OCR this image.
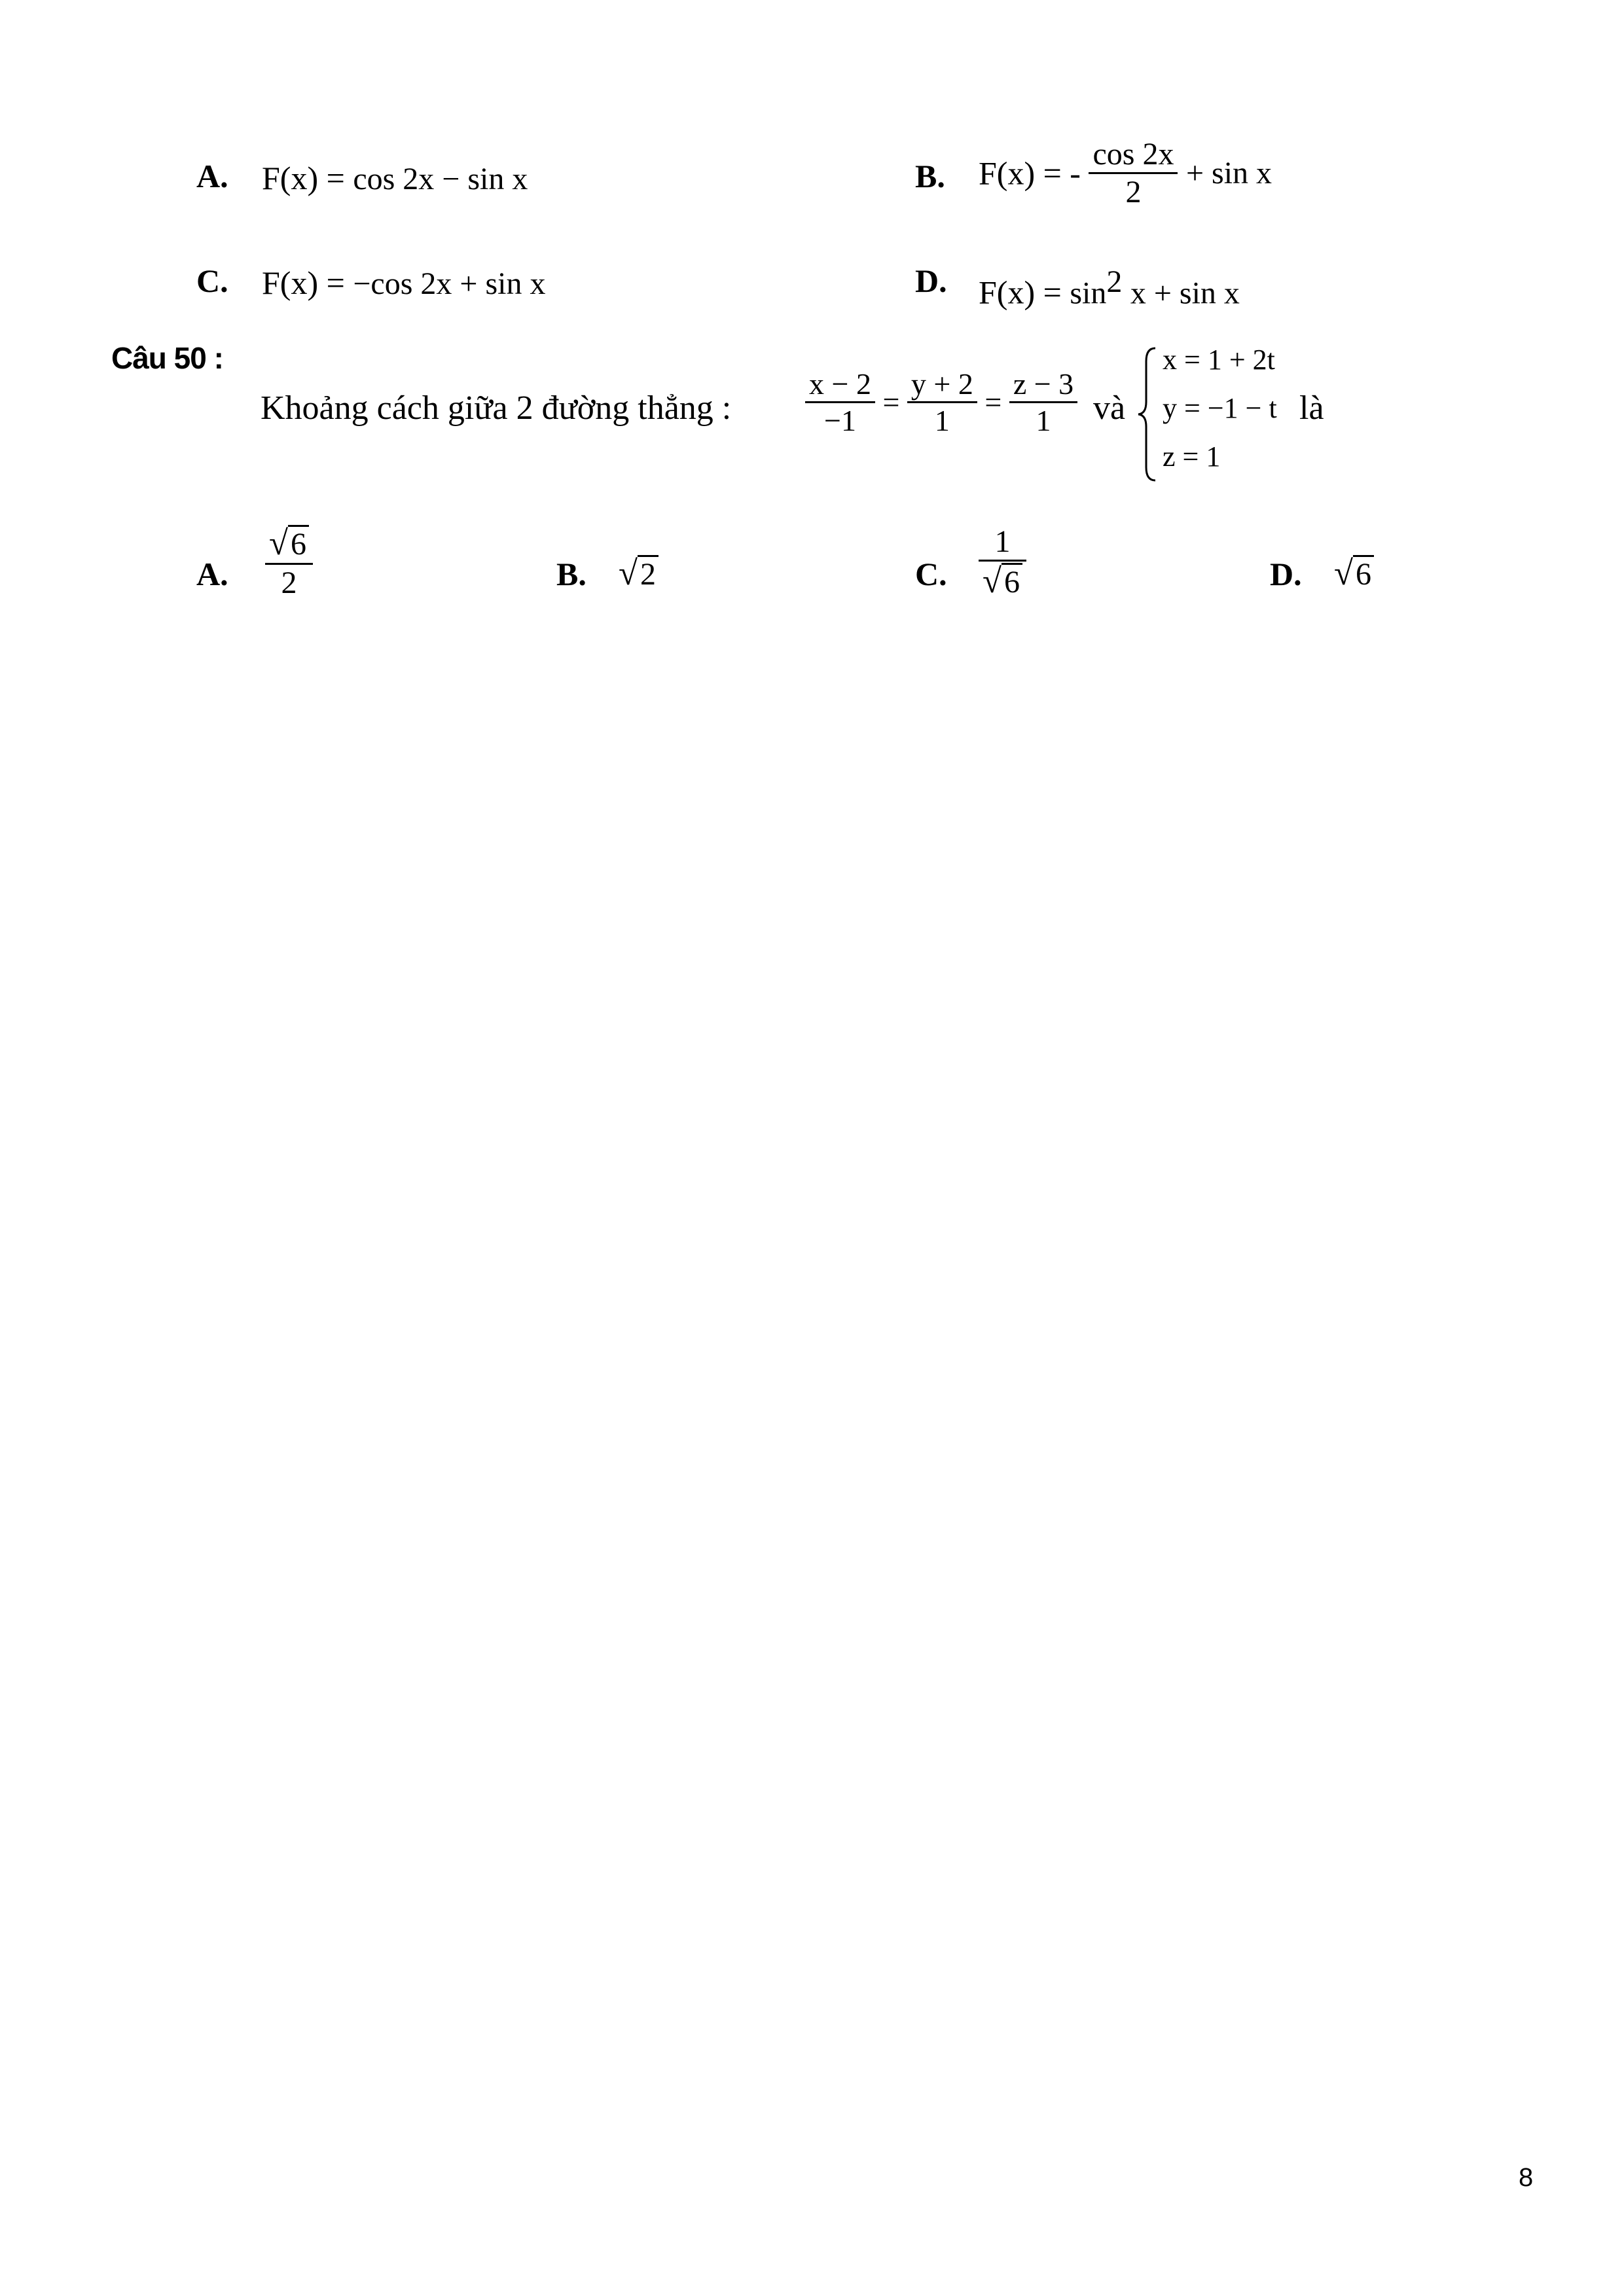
A. F(x) = cos 2x − sin x	B. F(x) = - $\frac{\cos 2x}{2} + \sin x$
C. F(x) = −cos 2x + sin x	D. $F(x) = \sin^2 x + \sin x$
Câu 50 :
Khoảng cách giữa 2 đường thẳng : $\frac{x - 2}{-1} = \frac{y + 2}{1} = \frac{z - 3}{1}$ và
x = 1 + 2t
y = −1 − t
z = 1
là
A. $\frac{√6}{2}$	B. √2	C. $\frac{1}{√6}$	D. √6
8
